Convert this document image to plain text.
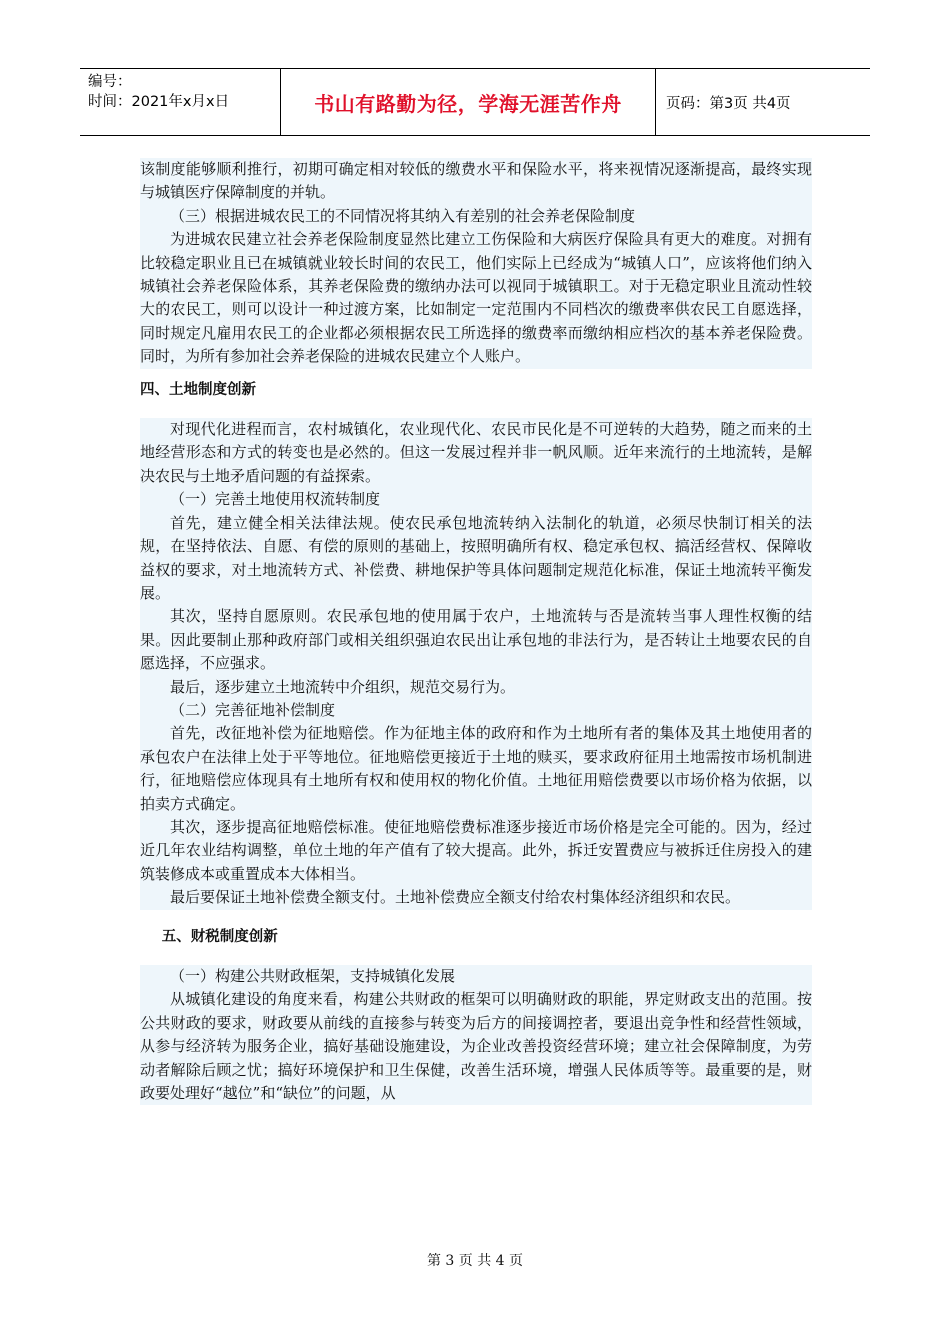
编号：
时间：2021年x月x日	书山有路勤为径，学海无涯苦作舟	页码：第3页 共4页

该制度能够顺利推行，初期可确定相对较低的缴费水平和保险水平，将来视情况逐渐提高，最终实现与城镇医疗保障制度的并轨。

（三）根据进城农民工的不同情况将其纳入有差别的社会养老保险制度

为进城农民建立社会养老保险制度显然比建立工伤保险和大病医疗保险具有更大的难度。对拥有比较稳定职业且已在城镇就业较长时间的农民工，他们实际上已经成为“城镇人口”，应该将他们纳入城镇社会养老保险体系，其养老保险费的缴纳办法可以视同于城镇职工。对于无稳定职业且流动性较大的农民工，则可以设计一种过渡方案，比如制定一定范围内不同档次的缴费率供农民工自愿选择，同时规定凡雇用农民工的企业都必须根据农民工所选择的缴费率而缴纳相应档次的基本养老保险费。同时，为所有参加社会养老保险的进城农民建立个人账户。

四、土地制度创新

对现代化进程而言，农村城镇化，农业现代化、农民市民化是不可逆转的大趋势，随之而来的土地经营形态和方式的转变也是必然的。但这一发展过程并非一帆风顺。近年来流行的土地流转，是解决农民与土地矛盾问题的有益探索。

（一）完善土地使用权流转制度

首先，建立健全相关法律法规。使农民承包地流转纳入法制化的轨道，必须尽快制订相关的法规，在坚持依法、自愿、有偿的原则的基础上，按照明确所有权、稳定承包权、搞活经营权、保障收益权的要求，对土地流转方式、补偿费、耕地保护等具体问题制定规范化标准，保证土地流转平衡发展。

其次，坚持自愿原则。农民承包地的使用属于农户，土地流转与否是流转当事人理性权衡的结果。因此要制止那种政府部门或相关组织强迫农民出让承包地的非法行为，是否转让土地要农民的自愿选择，不应强求。

最后，逐步建立土地流转中介组织，规范交易行为。

（二）完善征地补偿制度

首先，改征地补偿为征地赔偿。作为征地主体的政府和作为土地所有者的集体及其土地使用者的承包农户在法律上处于平等地位。征地赔偿更接近于土地的赎买，要求政府征用土地需按市场机制进行，征地赔偿应体现具有土地所有权和使用权的物化价值。土地征用赔偿费要以市场价格为依据，以拍卖方式确定。

其次，逐步提高征地赔偿标准。使征地赔偿费标准逐步接近市场价格是完全可能的。因为，经过近几年农业结构调整，单位土地的年产值有了较大提高。此外，拆迁安置费应与被拆迁住房投入的建筑装修成本或重置成本大体相当。

最后要保证土地补偿费全额支付。土地补偿费应全额支付给农村集体经济组织和农民。

五、财税制度创新

（一）构建公共财政框架，支持城镇化发展

从城镇化建设的角度来看，构建公共财政的框架可以明确财政的职能，界定财政支出的范围。按公共财政的要求，财政要从前线的直接参与转变为后方的间接调控者，要退出竞争性和经营性领域，从参与经济转为服务企业，搞好基础设施建设，为企业改善投资经营环境；建立社会保障制度，为劳动者解除后顾之忧；搞好环境保护和卫生保健，改善生活环境，增强人民体质等等。最重要的是，财政要处理好“越位”和“缺位”的问题，从

第 3 页 共 4 页
